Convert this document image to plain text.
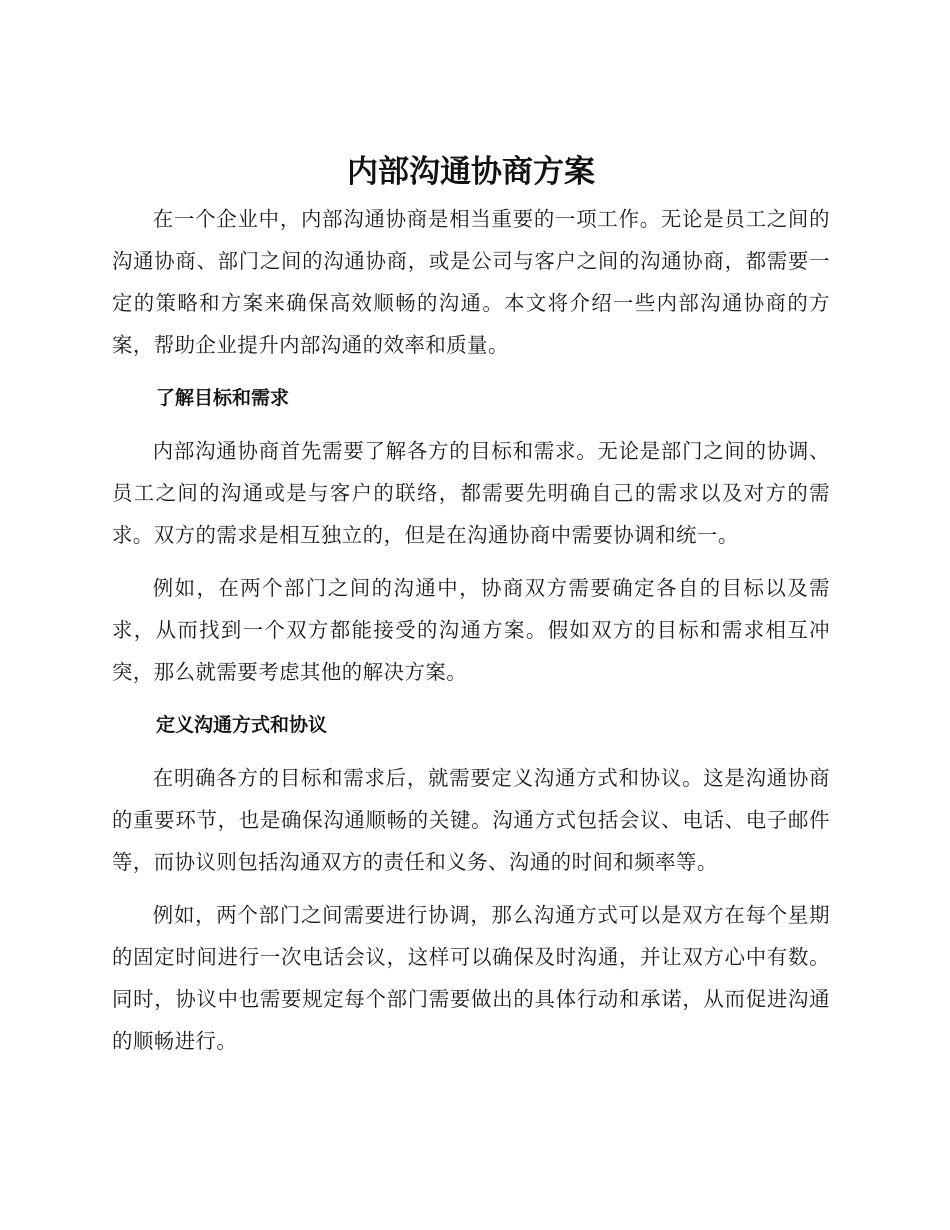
内部沟通协商方案

在一个企业中，内部沟通协商是相当重要的一项工作。无论是员工之间的沟通协商、部门之间的沟通协商，或是公司与客户之间的沟通协商，都需要一定的策略和方案来确保高效顺畅的沟通。本文将介绍一些内部沟通协商的方案，帮助企业提升内部沟通的效率和质量。

了解目标和需求

内部沟通协商首先需要了解各方的目标和需求。无论是部门之间的协调、员工之间的沟通或是与客户的联络，都需要先明确自己的需求以及对方的需求。双方的需求是相互独立的，但是在沟通协商中需要协调和统一。

例如，在两个部门之间的沟通中，协商双方需要确定各自的目标以及需求，从而找到一个双方都能接受的沟通方案。假如双方的目标和需求相互冲突，那么就需要考虑其他的解决方案。

定义沟通方式和协议

在明确各方的目标和需求后，就需要定义沟通方式和协议。这是沟通协商的重要环节，也是确保沟通顺畅的关键。沟通方式包括会议、电话、电子邮件等，而协议则包括沟通双方的责任和义务、沟通的时间和频率等。

例如，两个部门之间需要进行协调，那么沟通方式可以是双方在每个星期的固定时间进行一次电话会议，这样可以确保及时沟通，并让双方心中有数。同时，协议中也需要规定每个部门需要做出的具体行动和承诺，从而促进沟通的顺畅进行。
